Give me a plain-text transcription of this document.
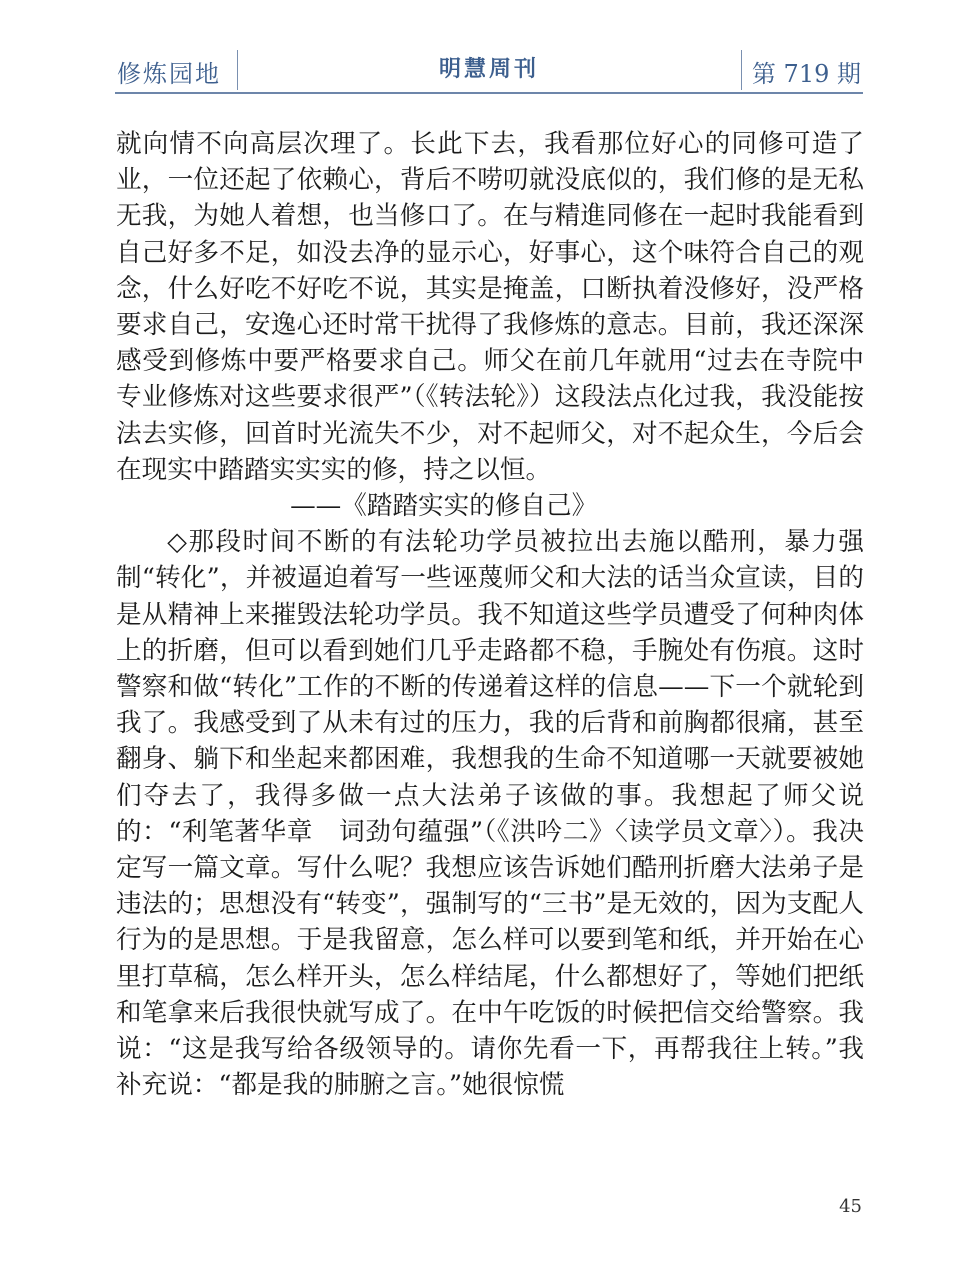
修炼园地	明慧周刊	第 719 期

就向情不向高层次理了。长此下去，我看那位好心的同修可造了业，一位还起了依赖心，背后不唠叨就没底似的，我们修的是无私无我，为她人着想，也当修口了。在与精進同修在一起时我能看到自己好多不足，如没去净的显示心，好事心，这个味符合自己的观念，什么好吃不好吃不说，其实是掩盖，口断执着没修好，没严格要求自己，安逸心还时常干扰得了我修炼的意志。目前，我还深深感受到修炼中要严格要求自己。师父在前几年就用“过去在寺院中专业修炼对这些要求很严”（《转法轮》）这段法点化过我，我没能按法去实修，回首时光流失不少，对不起师父，对不起众生，今后会在现实中踏踏实实实的修，持之以恒。

——《踏踏实实的修自己》

◇那段时间不断的有法轮功学员被拉出去施以酷刑，暴力强制“转化”，并被逼迫着写一些诬蔑师父和大法的话当众宣读，目的是从精神上来摧毁法轮功学员。我不知道这些学员遭受了何种肉体上的折磨，但可以看到她们几乎走路都不稳，手腕处有伤痕。这时警察和做“转化”工作的不断的传递着这样的信息——下一个就轮到我了。我感受到了从未有过的压力，我的后背和前胸都很痛，甚至翻身、躺下和坐起来都困难，我想我的生命不知道哪一天就要被她们夺去了，我得多做一点大法弟子该做的事。我想起了师父说的：“利笔著华章　词劲句蕴强”（《洪吟二》〈读学员文章〉）。我决定写一篇文章。写什么呢？我想应该告诉她们酷刑折磨大法弟子是违法的；思想没有“转变”，强制写的“三书”是无效的，因为支配人行为的是思想。于是我留意，怎么样可以要到笔和纸，并开始在心里打草稿，怎么样开头，怎么样结尾，什么都想好了，等她们把纸和笔拿来后我很快就写成了。在中午吃饭的时候把信交给警察。我说：“这是我写给各级领导的。请你先看一下，再帮我往上转。”我补充说：“都是我的肺腑之言。”她很惊慌

45
